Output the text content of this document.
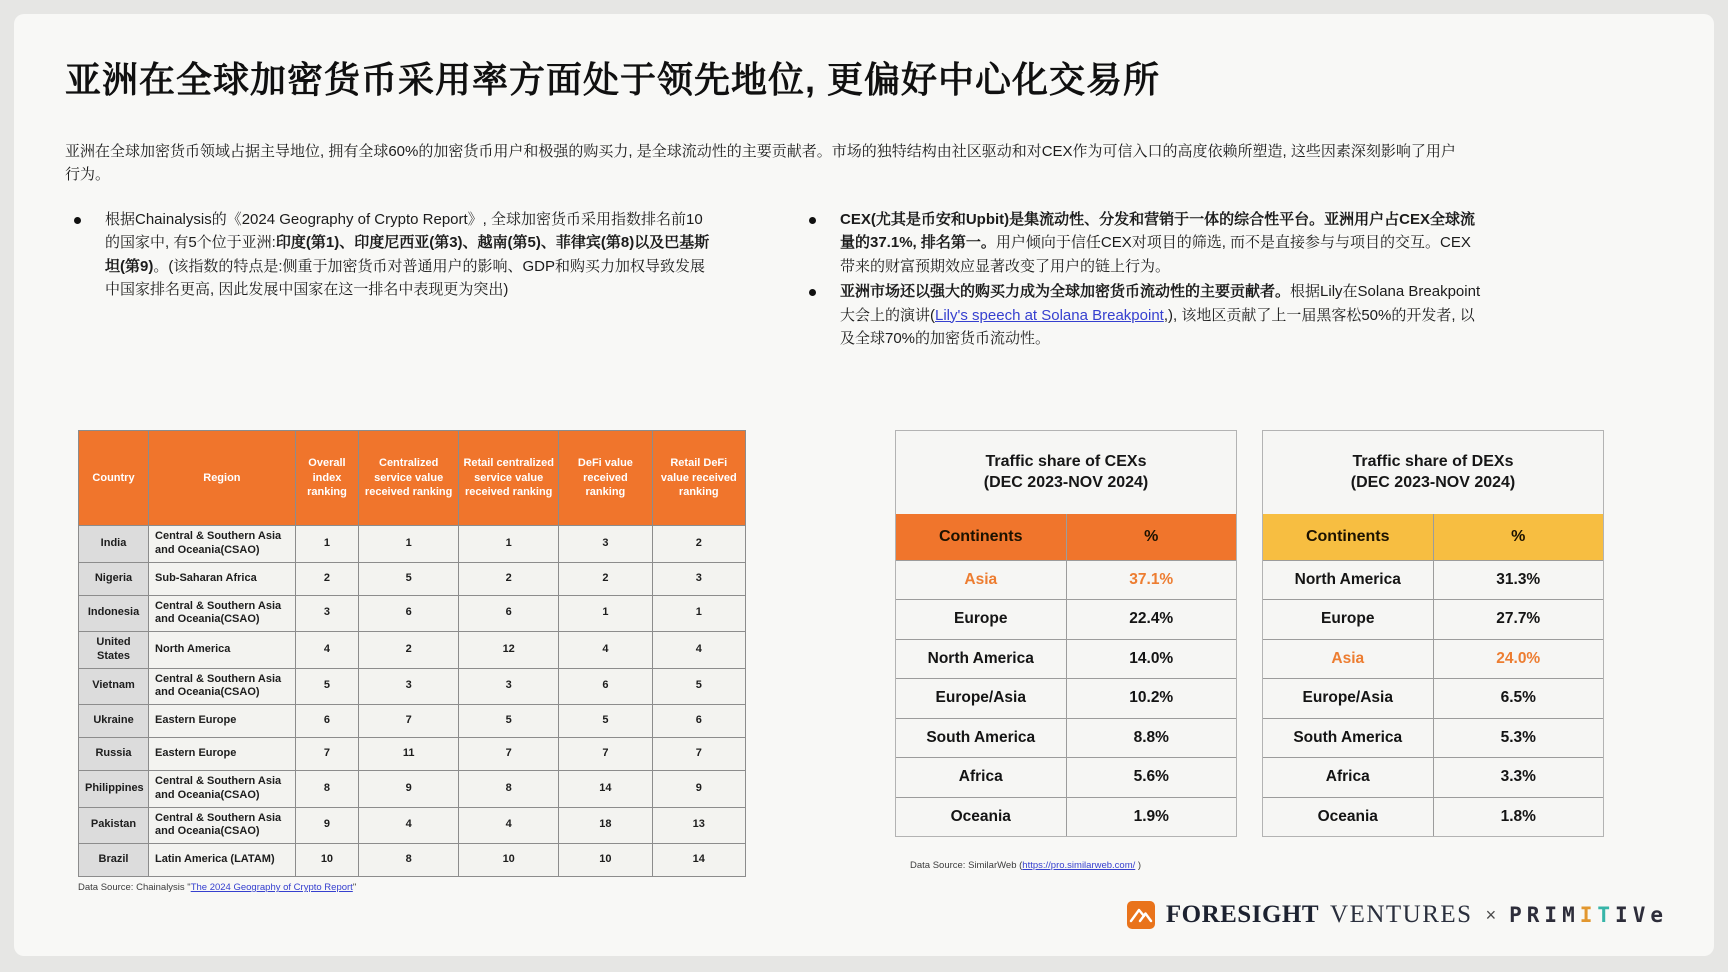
亚洲在全球加密货币采用率方面处于领先地位, 更偏好中心化交易所
亚洲在全球加密货币领域占据主导地位, 拥有全球60%的加密货币用户和极强的购买力, 是全球流动性的主要贡献者。市场的独特结构由社区驱动和对CEX作为可信入口的高度依赖所塑造, 这些因素深刻影响了用户行为。
根据Chainalysis的《2024 Geography of Crypto Report》, 全球加密货币采用指数排名前10的国家中, 有5个位于亚洲:印度(第1)、印度尼西亚(第3)、越南(第5)、菲律宾(第8)以及巴基斯坦(第9)。(该指数的特点是:侧重于加密货币对普通用户的影响、GDP和购买力加权导致发展中国家排名更高, 因此发展中国家在这一排名中表现更为突出)
CEX(尤其是币安和Upbit)是集流动性、分发和营销于一体的综合性平台。亚洲用户占CEX全球流量的37.1%, 排名第一。用户倾向于信任CEX对项目的筛选, 而不是直接参与与项目的交互。CEX带来的财富预期效应显著改变了用户的链上行为。
亚洲市场还以强大的购买力成为全球加密货币流动性的主要贡献者。根据Lily在Solana Breakpoint大会上的演讲(Lily's speech at Solana Breakpoint,), 该地区贡献了上一届黑客松50%的开发者, 以及全球70%的加密货币流动性。
Country	Region	Overall index ranking	Centralized service value received ranking	Retail centralized service value received ranking	DeFi value received ranking	Retail DeFi value received ranking
India	Central & Southern Asia and Oceania(CSAO)	1	1	1	3	2
Nigeria	Sub-Saharan Africa	2	5	2	2	3
Indonesia	Central & Southern Asia and Oceania(CSAO)	3	6	6	1	1
United States	North America	4	2	12	4	4
Vietnam	Central & Southern Asia and Oceania(CSAO)	5	3	3	6	5
Ukraine	Eastern Europe	6	7	5	5	6
Russia	Eastern Europe	7	11	7	7	7
Philippines	Central & Southern Asia and Oceania(CSAO)	8	9	8	14	9
Pakistan	Central & Southern Asia and Oceania(CSAO)	9	4	4	18	13
Brazil	Latin America (LATAM)	10	8	10	10	14
Data Source: Chainalysis "The 2024 Geography of Crypto Report"
Traffic share of CEXs
(DEC 2023-NOV 2024)
Continents	%
Asia	37.1%
Europe	22.4%
North America	14.0%
Europe/Asia	10.2%
South America	8.8%
Africa	5.6%
Oceania	1.9%
Traffic share of DEXs
(DEC 2023-NOV 2024)
Continents	%
North America	31.3%
Europe	27.7%
Asia	24.0%
Europe/Asia	6.5%
South America	5.3%
Africa	3.3%
Oceania	1.8%
Data Source: SimilarWeb (https://pro.similarweb.com/ )
FORESIGHT VENTURES × PRIMITIVe
